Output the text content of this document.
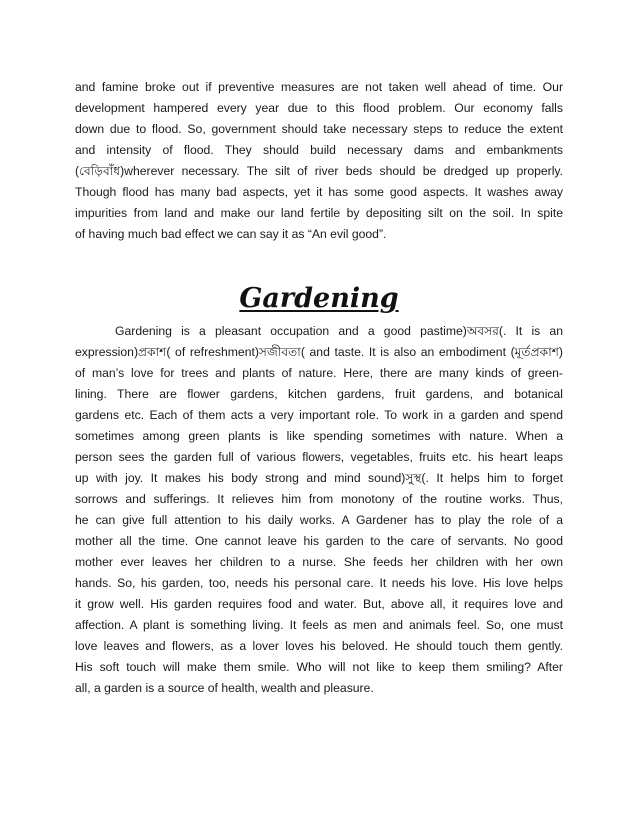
and famine broke out if preventive measures are not taken well ahead of time. Our
development hampered every year due to this flood problem. Our economy falls
down due to flood. So, government should take necessary steps to reduce the extent
and intensity of flood. They should build necessary dams and embankments
(বেড়িবাঁধ)wherever necessary. The silt of river beds should be dredged up properly.
Though flood has many bad aspects, yet it has some good aspects. It washes away
impurities from land and make our land fertile by depositing silt on the soil. In spite
of having much bad effect we can say it as “An evil good”.
Gardening
Gardening is a pleasant occupation and a good pastime)অবসর(. It is an
expression)প্রকাশ( of refreshment)সজীবতা( and taste. It is also an embodiment (মূর্তপ্রকাশ)
of man’s love for trees and plants of nature. Here, there are many kinds of green-
lining. There are flower gardens, kitchen gardens, fruit gardens, and botanical
gardens etc. Each of them acts a very important role. To work in a garden and spend
sometimes among green plants is like spending sometimes with nature. When a
person sees the garden full of various flowers, vegetables, fruits etc. his heart leaps
up with joy. It makes his body strong and mind sound)সুস্থ(. It helps him to forget
sorrows and sufferings. It relieves him from monotony of the routine works. Thus,
he can give full attention to his daily works. A Gardener has to play the role of a
mother all the time. One cannot leave his garden to the care of servants. No good
mother ever leaves her children to a nurse. She feeds her children with her own
hands. So, his garden, too, needs his personal care. It needs his love. His love helps
it grow well. His garden requires food and water. But, above all, it requires love and
affection. A plant is something living. It feels as men and animals feel. So, one must
love leaves and flowers, as a lover loves his beloved. He should touch them gently.
His soft touch will make them smile. Who will not like to keep them smiling? After
all, a garden is a source of health, wealth and pleasure.
